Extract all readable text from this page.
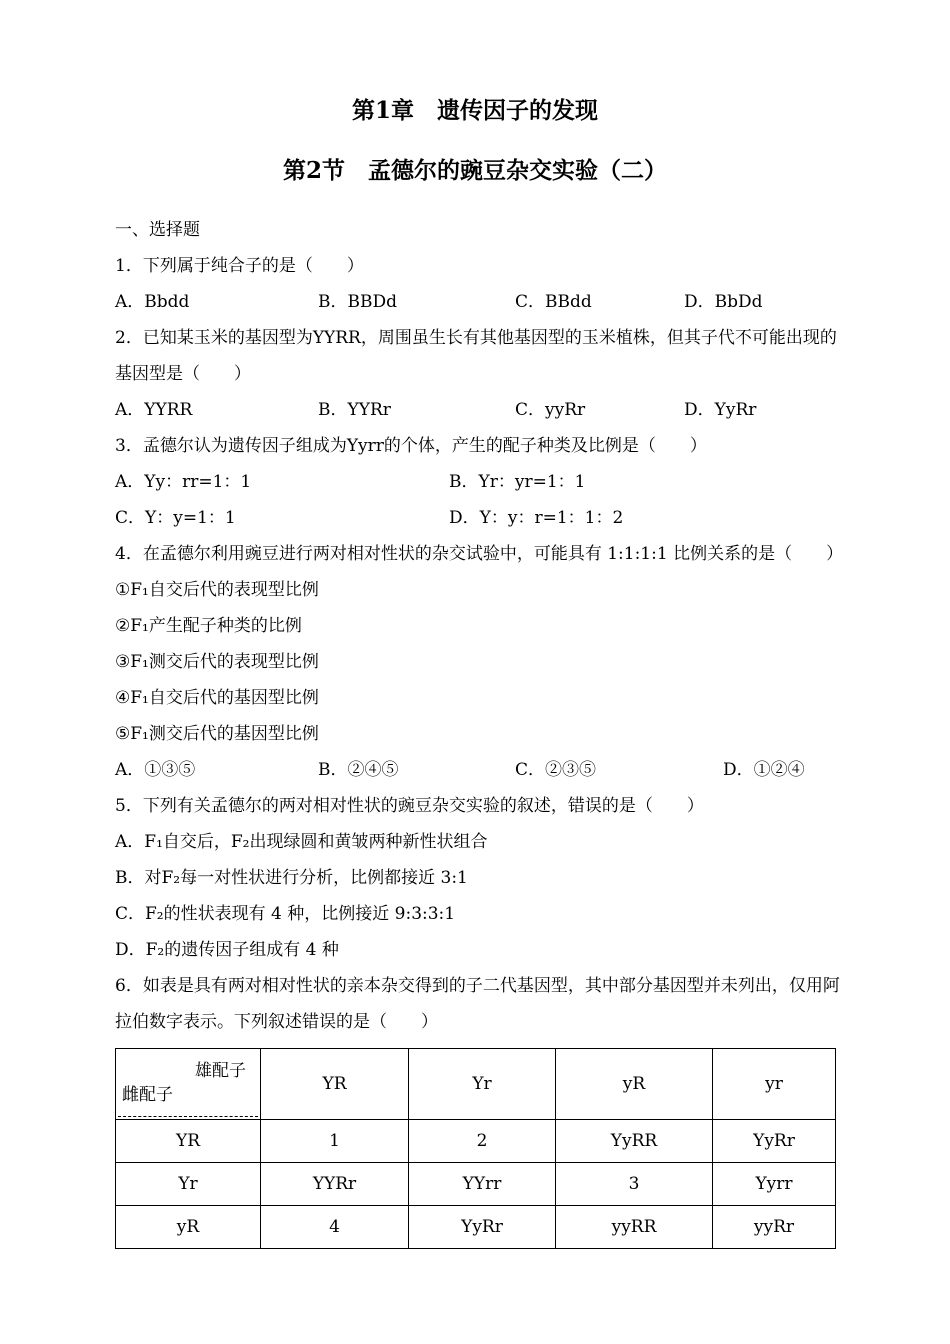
第1章　遗传因子的发现
第2节　孟德尔的豌豆杂交实验（二）

一、选择题

1．下列属于纯合子的是（　　）

A．Bbdd	B．BBDd	C．BBdd	D．BbDd

2．已知某玉米的基因型为YYRR，周围虽生长有其他基因型的玉米植株，但其子代不可能出现的

基因型是（　　）

A．YYRR	B．YYRr	C．yyRr	D．YyRr

3．孟德尔认为遗传因子组成为Yyrr的个体，产生的配子种类及比例是（　　）

A．Yy：rr=1：1	B．Yr：yr=1：1

C．Y：y=1：1	D．Y：y：r=1：1：2

4．在孟德尔利用豌豆进行两对相对性状的杂交试验中，可能具有 1:1:1:1 比例关系的是（　　）

①F₁自交后代的表现型比例

②F₁产生配子种类的比例

③F₁测交后代的表现型比例

④F₁自交后代的基因型比例

⑤F₁测交后代的基因型比例

A．①③⑤	B．②④⑤	C．②③⑤	D．①②④

5．下列有关孟德尔的两对相对性状的豌豆杂交实验的叙述，错误的是（　　）

A．F₁自交后，F₂出现绿圆和黄皱两种新性状组合

B．对F₂每一对性状进行分析，比例都接近 3:1

C．F₂的性状表现有 4 种，比例接近 9:3:3:1

D．F₂的遗传因子组成有 4 种

6．如表是具有两对相对性状的亲本杂交得到的子二代基因型，其中部分基因型并未列出，仅用阿

拉伯数字表示。下列叙述错误的是（　　）

雄配子
雌配子	YR	Yr	yR	yr
YR	1	2	YyRR	YyRr
Yr	YYRr	YYrr	3	Yyrr
yR	4	YyRr	yyRR	yyRr
